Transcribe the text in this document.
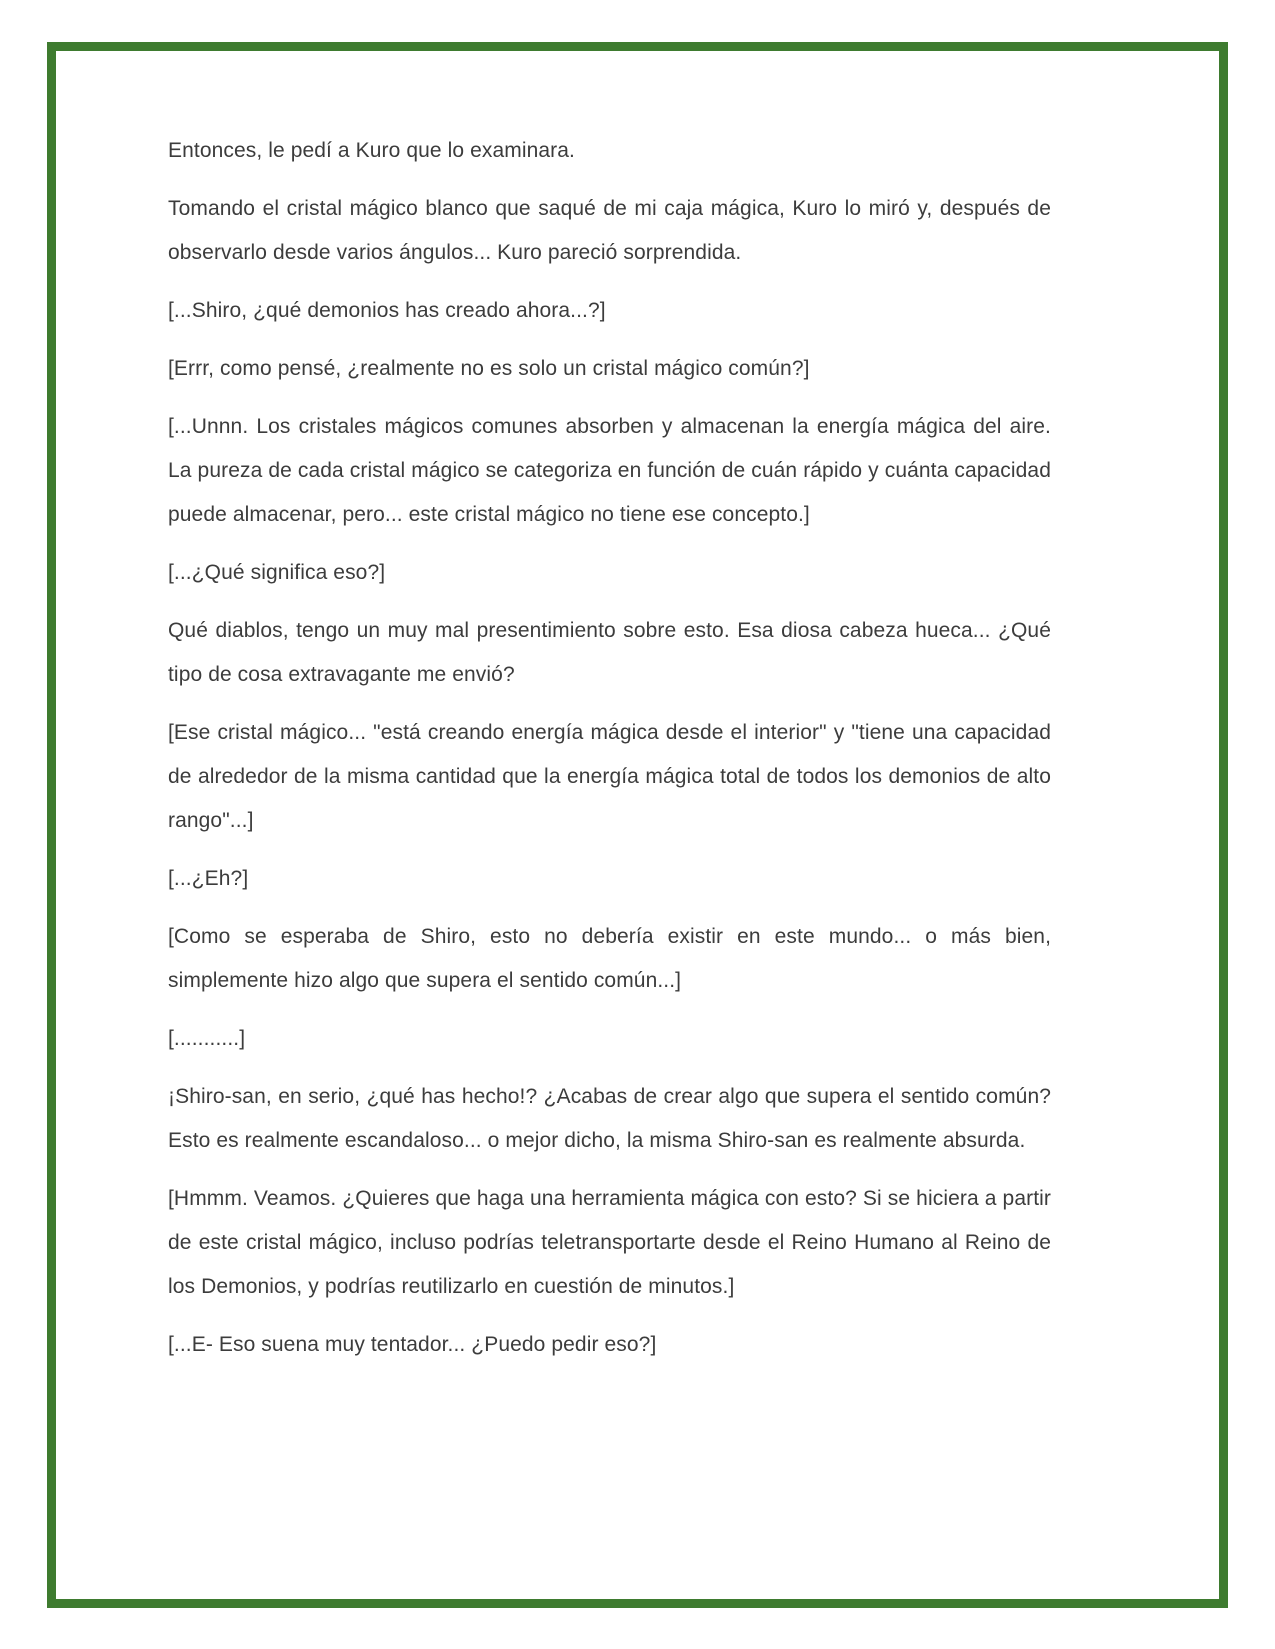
Entonces, le pedí a Kuro que lo examinara.

Tomando el cristal mágico blanco que saqué de mi caja mágica, Kuro lo miró y, después de observarlo desde varios ángulos... Kuro pareció sorprendida.

[...Shiro, ¿qué demonios has creado ahora...?]

[Errr, como pensé, ¿realmente no es solo un cristal mágico común?]

[...Unnn. Los cristales mágicos comunes absorben y almacenan la energía mágica del aire. La pureza de cada cristal mágico se categoriza en función de cuán rápido y cuánta capacidad puede almacenar, pero... este cristal mágico no tiene ese concepto.]

[...¿Qué significa eso?]

Qué diablos, tengo un muy mal presentimiento sobre esto. Esa diosa cabeza hueca... ¿Qué tipo de cosa extravagante me envió?

[Ese cristal mágico... "está creando energía mágica desde el interior" y "tiene una capacidad de alrededor de la misma cantidad que la energía mágica total de todos los demonios de alto rango"...]

[...¿Eh?]

[Como se esperaba de Shiro, esto no debería existir en este mundo... o más bien, simplemente hizo algo que supera el sentido común...]

[...........]

¡Shiro-san, en serio, ¿qué has hecho!? ¿Acabas de crear algo que supera el sentido común? Esto es realmente escandaloso... o mejor dicho, la misma Shiro-san es realmente absurda.

[Hmmm. Veamos. ¿Quieres que haga una herramienta mágica con esto? Si se hiciera a partir de este cristal mágico, incluso podrías teletransportarte desde el Reino Humano al Reino de los Demonios, y podrías reutilizarlo en cuestión de minutos.]

[...E- Eso suena muy tentador... ¿Puedo pedir eso?]
